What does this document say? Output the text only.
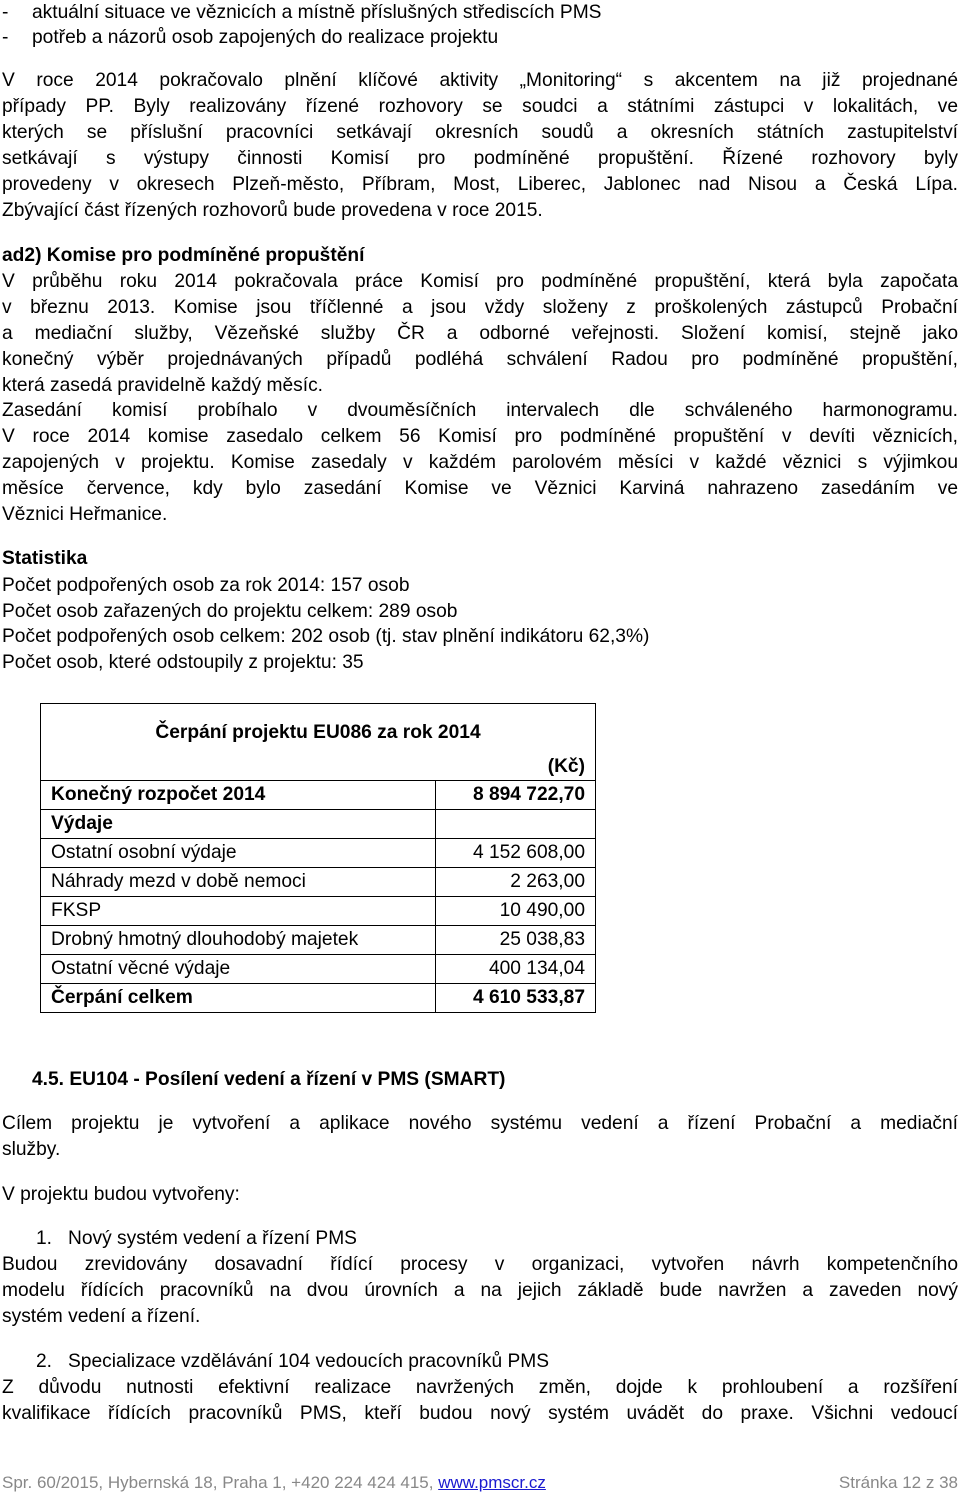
- aktuální situace ve věznicích a místně příslušných střediscích PMS
- potřeb a názorů osob zapojených do realizace projektu
V roce 2014 pokračovalo plnění klíčové aktivity „Monitoring“ s akcentem na již projednané
případy PP. Byly realizovány řízené rozhovory se soudci a státními zástupci v lokalitách, ve
kterých se příslušní pracovníci setkávají okresních soudů a okresních státních zastupitelství
setkávají s výstupy činnosti Komisí pro podmíněné propuštění. Řízené rozhovory byly
provedeny v okresech Plzeň-město, Příbram, Most, Liberec, Jablonec nad Nisou a Česká Lípa.
Zbývající část řízených rozhovorů bude provedena v roce 2015.
ad2) Komise pro podmíněné propuštění
V průběhu roku 2014 pokračovala práce Komisí pro podmíněné propuštění, která byla započata
v březnu 2013. Komise jsou tříčlenné a jsou vždy složeny z proškolených zástupců Probační
a mediační služby, Vězeňské služby ČR a odborné veřejnosti. Složení komisí, stejně jako
konečný výběr projednávaných případů podléhá schválení Radou pro podmíněné propuštění,
která zasedá pravidelně každý měsíc.
Zasedání komisí probíhalo v dvouměsíčních intervalech dle schváleného harmonogramu.
V roce 2014 komise zasedalo celkem 56 Komisí pro podmíněné propuštění v devíti věznicích,
zapojených v projektu. Komise zasedaly v každém parolovém měsíci v každé věznici s výjimkou
měsíce července, kdy bylo zasedání Komise ve Věznici Karviná nahrazeno zasedáním ve
Věznici Heřmanice.
Statistika
Počet podpořených osob za rok 2014: 157 osob
Počet osob zařazených do projektu celkem: 289 osob
Počet podpořených osob celkem: 202 osob (tj. stav plnění indikátoru 62,3%)
Počet osob, které odstoupily z projektu: 35
Čerpání projektu EU086 za rok 2014
(Kč)	

Konečný rozpočet 2014	8 894 722,70
Výdaje	
Ostatní osobní výdaje	4 152 608,00
Náhrady mezd v době nemoci	2 263,00
FKSP	10 490,00
Drobný hmotný dlouhodobý majetek	25 038,83
Ostatní věcné výdaje	400 134,04
Čerpání celkem	4 610 533,87
4.5. EU104 - Posílení vedení a řízení v PMS (SMART)
Cílem projektu je vytvoření a aplikace nového systému vedení a řízení Probační a mediační
služby.
V projektu budou vytvořeny:
1. Nový systém vedení a řízení PMS
Budou zrevidovány dosavadní řídící procesy v organizaci, vytvořen návrh kompetenčního
modelu řídících pracovníků na dvou úrovních a na jejich základě bude navržen a zaveden nový
systém vedení a řízení.
2. Specializace vzdělávání 104 vedoucích pracovníků PMS
Z důvodu nutnosti efektivní realizace navržených změn, dojde k prohloubení a rozšíření
kvalifikace řídících pracovníků PMS, kteří budou nový systém uvádět do praxe. Všichni vedoucí
Spr. 60/2015, Hybernská 18, Praha 1, +420 224 424 415, www.pmscr.cz	Stránka 12 z 38
